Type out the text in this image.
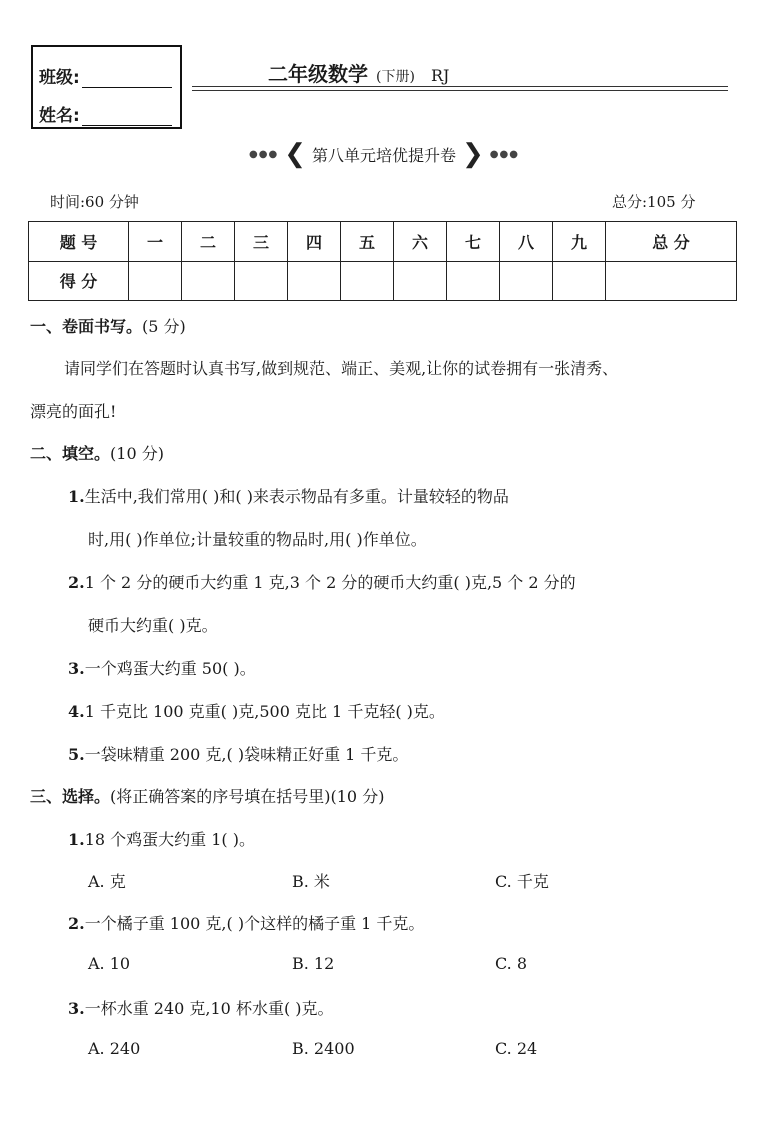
班级:
姓名:
二年级数学 (下册) RJ
●●● ❮ 第八单元培优提升卷 ❯ ●●●
时间:60 分钟	总分:105 分
题 号	一	二	三	四	五	六	七	八	九	总 分
得 分										
一、卷面书写。(5 分)
请同学们在答题时认真书写,做到规范、端正、美观,让你的试卷拥有一张清秀、
漂亮的面孔!
二、填空。(10 分)
1.生活中,我们常用( )和( )来表示物品有多重。计量较轻的物品
时,用( )作单位;计量较重的物品时,用( )作单位。
2.1 个 2 分的硬币大约重 1 克,3 个 2 分的硬币大约重( )克,5 个 2 分的
硬币大约重( )克。
3.一个鸡蛋大约重 50( )。
4.1 千克比 100 克重( )克,500 克比 1 千克轻( )克。
5.一袋味精重 200 克,( )袋味精正好重 1 千克。
三、选择。(将正确答案的序号填在括号里)(10 分)
1.18 个鸡蛋大约重 1( )。
A. 克	B. 米	C. 千克
2.一个橘子重 100 克,( )个这样的橘子重 1 千克。
A. 10	B. 12	C. 8
3.一杯水重 240 克,10 杯水重( )克。
A. 240	B. 2400	C. 24
